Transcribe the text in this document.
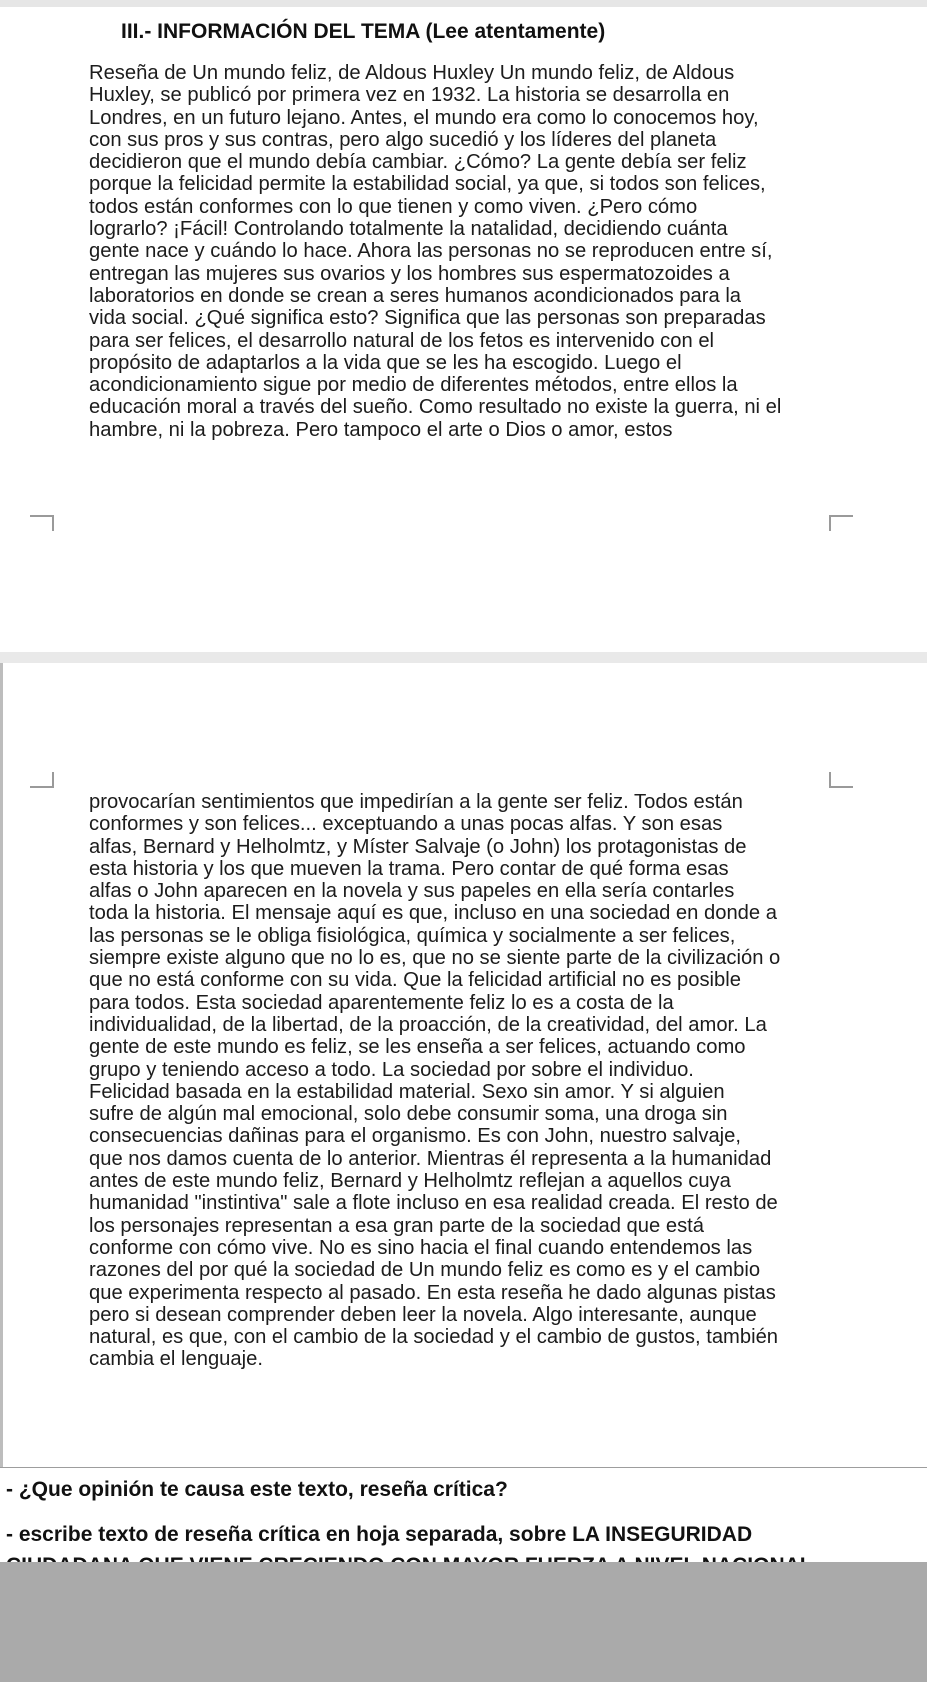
III.- INFORMACIÓN DEL TEMA (Lee atentamente)
Reseña de Un mundo feliz, de Aldous Huxley Un mundo feliz, de Aldous
Huxley, se publicó por primera vez en 1932. La historia se desarrolla en
Londres, en un futuro lejano. Antes, el mundo era como lo conocemos hoy,
con sus pros y sus contras, pero algo sucedió y los líderes del planeta
decidieron que el mundo debía cambiar. ¿Cómo? La gente debía ser feliz
porque la felicidad permite la estabilidad social, ya que, si todos son felices,
todos están conformes con lo que tienen y como viven. ¿Pero cómo
lograrlo? ¡Fácil! Controlando totalmente la natalidad, decidiendo cuánta
gente nace y cuándo lo hace. Ahora las personas no se reproducen entre sí,
entregan las mujeres sus ovarios y los hombres sus espermatozoides a
laboratorios en donde se crean a seres humanos acondicionados para la
vida social. ¿Qué significa esto? Significa que las personas son preparadas
para ser felices, el desarrollo natural de los fetos es intervenido con el
propósito de adaptarlos a la vida que se les ha escogido. Luego el
acondicionamiento sigue por medio de diferentes métodos, entre ellos la
educación moral a través del sueño. Como resultado no existe la guerra, ni el
hambre, ni la pobreza. Pero tampoco el arte o Dios o amor, estos
provocarían sentimientos que impedirían a la gente ser feliz. Todos están
conformes y son felices... exceptuando a unas pocas alfas. Y son esas
alfas, Bernard y Helholmtz, y Míster Salvaje (o John) los protagonistas de
esta historia y los que mueven la trama. Pero contar de qué forma esas
alfas o John aparecen en la novela y sus papeles en ella sería contarles
toda la historia. El mensaje aquí es que, incluso en una sociedad en donde a
las personas se le obliga fisiológica, química y socialmente a ser felices,
siempre existe alguno que no lo es, que no se siente parte de la civilización o
que no está conforme con su vida. Que la felicidad artificial no es posible
para todos. Esta sociedad aparentemente feliz lo es a costa de la
individualidad, de la libertad, de la proacción, de la creatividad, del amor. La
gente de este mundo es feliz, se les enseña a ser felices, actuando como
grupo y teniendo acceso a todo. La sociedad por sobre el individuo.
Felicidad basada en la estabilidad material. Sexo sin amor. Y si alguien
sufre de algún mal emocional, solo debe consumir soma, una droga sin
consecuencias dañinas para el organismo. Es con John, nuestro salvaje,
que nos damos cuenta de lo anterior. Mientras él representa a la humanidad
antes de este mundo feliz, Bernard y Helholmtz reflejan a aquellos cuya
humanidad "instintiva" sale a flote incluso en esa realidad creada. El resto de
los personajes representan a esa gran parte de la sociedad que está
conforme con cómo vive. No es sino hacia el final cuando entendemos las
razones del por qué la sociedad de Un mundo feliz es como es y el cambio
que experimenta respecto al pasado. En esta reseña he dado algunas pistas
pero si desean comprender deben leer la novela. Algo interesante, aunque
natural, es que, con el cambio de la sociedad y el cambio de gustos, también
cambia el lenguaje.
- ¿Que opinión te causa este texto, reseña crítica?
- escribe texto de reseña crítica en hoja separada, sobre LA INSEGURIDAD
